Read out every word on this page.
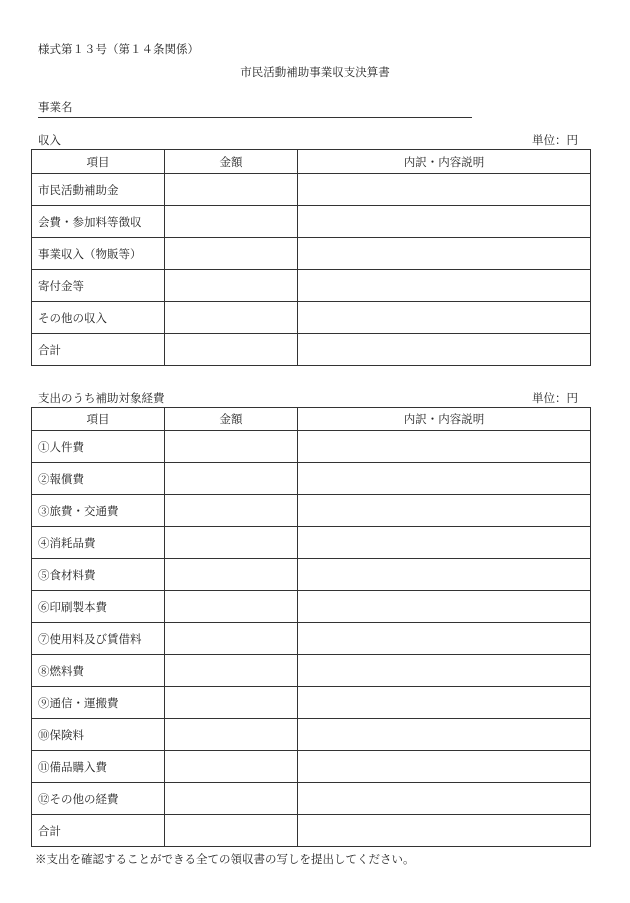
様式第１３号（第１４条関係）
市民活動補助事業収支決算書
事業名
収入	単位：円
項目	金額	内訳・内容説明
市民活動補助金		
会費・参加料等徴収		
事業収入（物販等）		
寄付金等		
その他の収入		
合計		
支出のうち補助対象経費	単位：円
項目	金額	内訳・内容説明
①人件費		
②報償費		
③旅費・交通費		
④消耗品費		
⑤食材料費		
⑥印刷製本費		
⑦使用料及び賃借料		
⑧燃料費		
⑨通信・運搬費		
⑩保険料		
⑪備品購入費		
⑫その他の経費		
合計		
※支出を確認することができる全ての領収書の写しを提出してください。
